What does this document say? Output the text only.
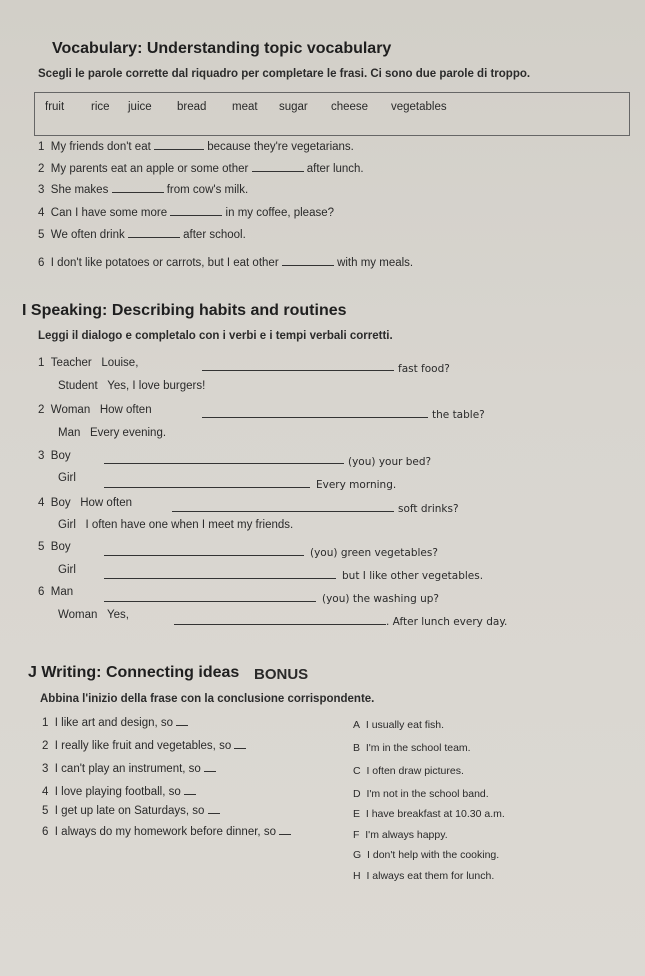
Vocabulary: Understanding topic vocabulary
Scegli le parole corrette dal riquadro per completare le frasi. Ci sono due parole di troppo.
fruit rice juice bread meat sugar cheese vegetables
1 My friends don't eat	because they're vegetarians.
2 My parents eat an apple or some other	after lunch.
3 She makes	from cow's milk.
4 Can I have some more	in my coffee, please?
5 We often drink	after school.
6 I don't like potatoes or carrots, but I eat other	with my meals.
I Speaking: Describing habits and routines
Leggi il dialogo e completalo con i verbi e i tempi verbali corretti.
1 Teacher Louise,	fast food?
Student Yes, I love burgers!
2 Woman How often	the table?
Man Every evening.
3 Boy	(you) your bed?
Girl
Every morning.
4 Boy How often	soft drinks?
Girl I often have one when I meet my friends.
5 Boy	(you) green vegetables?
Girl	but I like other vegetables.
6 Man
(you) the washing up?
Woman Yes,
. After lunch every day.
J Writing: Connecting ideas BONUS
Abbina l'inizio della frase con la conclusione corrispondente.
1 I like art and design, so
2 I really like fruit and vegetables, so
3 I can't play an instrument, so
4 I love playing football, so
5 I get up late on Saturdays, so
6 I always do my homework before dinner, so
A I usually eat fish.
B I'm in the school team.
C I often draw pictures.
D I'm not in the school band.
E I have breakfast at 10.30 a.m.
F I'm always happy.
G I don't help with the cooking.
H I always eat them for lunch.
